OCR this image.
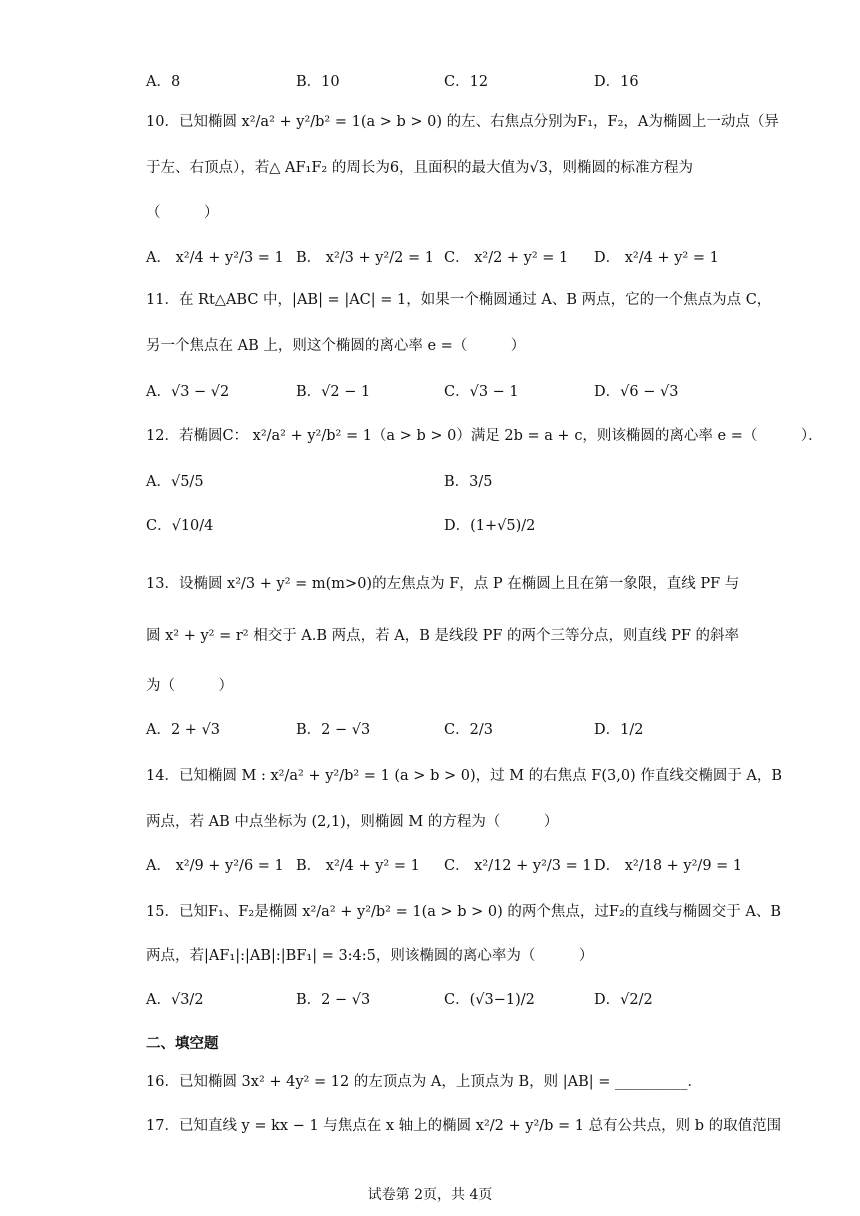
A．8	B．10	C．12	D．16
10．已知椭圆 x²/a² + y²/b² = 1(a > b > 0) 的左、右焦点分别为F₁，F₂，A为椭圆上一动点（异
于左、右顶点），若△ AF₁F₂ 的周长为6，且面积的最大值为√3，则椭圆的标准方程为
（　　　）
A． x²/4 + y²/3 = 1 B． x²/3 + y²/2 = 1 C． x²/2 + y² = 1 D． x²/4 + y² = 1
11．在 Rt△ABC 中，|AB| = |AC| = 1，如果一个椭圆通过 A、B 两点，它的一个焦点为点 C，
另一个焦点在 AB 上，则这个椭圆的离心率 e =（　　　）
A．√3 − √2	B．√2 − 1	C．√3 − 1	D．√6 − √3
12．若椭圆C： x²/a² + y²/b² = 1（a > b > 0）满足 2b = a + c，则该椭圆的离心率 e =（　　　）．
A．√5/5	B．3/5
C．√10/4	D．(1+√5)/2
13．设椭圆 x²/3 + y² = m(m>0)的左焦点为 F，点 P 在椭圆上且在第一象限，直线 PF 与
圆 x² + y² = r² 相交于 A.B 两点，若 A，B 是线段 PF 的两个三等分点，则直线 PF 的斜率
为（　　　）
A．2 + √3	B．2 − √3	C．2/3	D．1/2
14．已知椭圆 M : x²/a² + y²/b² = 1 (a > b > 0)，过 M 的右焦点 F(3,0) 作直线交椭圆于 A，B
两点，若 AB 中点坐标为 (2,1)，则椭圆 M 的方程为（　　　）
A． x²/9 + y²/6 = 1 B． x²/4 + y² = 1 C． x²/12 + y²/3 = 1 D． x²/18 + y²/9 = 1
15．已知F₁、F₂是椭圆 x²/a² + y²/b² = 1(a > b > 0) 的两个焦点，过F₂的直线与椭圆交于 A、B
两点，若|AF₁|:|AB|:|BF₁| = 3:4:5，则该椭圆的离心率为（　　　）
A．√3/2	B．2 − √3	C．(√3−1)/2	D．√2/2
二、填空题
16．已知椭圆 3x² + 4y² = 12 的左顶点为 A，上顶点为 B，则 |AB| = __________．
17．已知直线 y = kx − 1 与焦点在 x 轴上的椭圆 x²/2 + y²/b = 1 总有公共点，则 b 的取值范围
试卷第 2页，共 4页
